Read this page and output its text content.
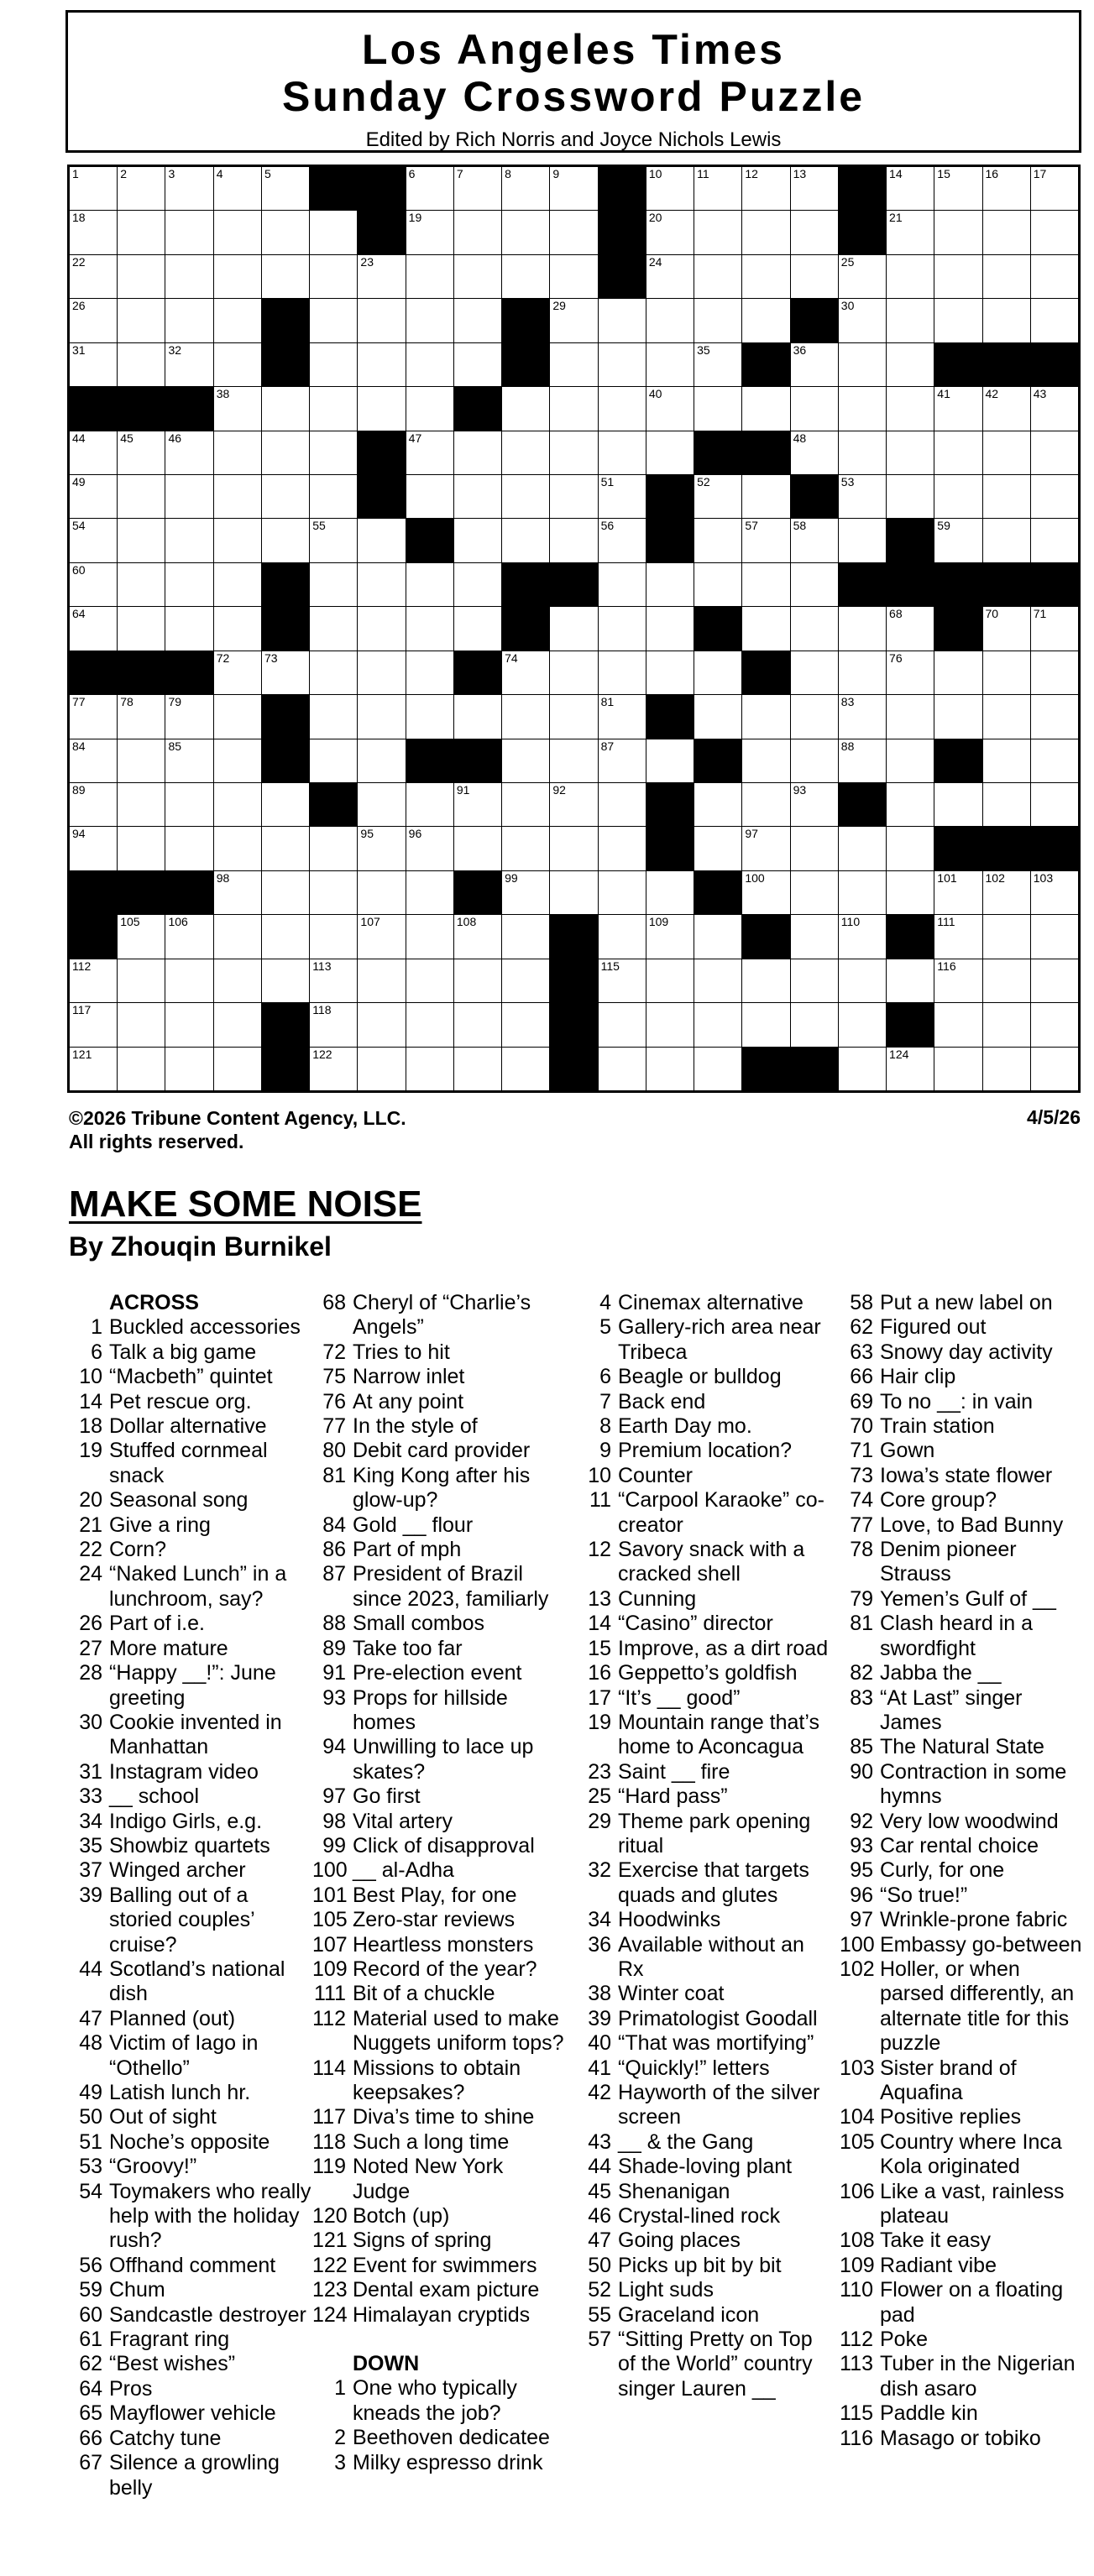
Los Angeles Times
Sunday Crossword Puzzle
Edited by Rich Norris and Joyce Nichols Lewis
1	2	3	4	5	6	7	8	9	10	11	12	13	14	15	16	17
18	19	20	21
22	23	24	25
26	29	30
31	32	35	36
38	40	41	42	43
44	45	46	47	48
49	51	52	53
54	55	56	57	58	59
60
64	68	70	71
72	73	74	76
77	78	79	81	83
84	85	87	88
89	91	92	93
94	95	96	97
98	99	100	101 102 103
105 106	107	108	109	110	111
112	113	115	116
117	118
121	122	124
©2026 Tribune Content Agency, LLC.
All rights reserved.
4/5/26
MAKE SOME NOISE
By Zhouqin Burnikel
ACROSS
1 Buckled accessories
6 Talk a big game
10 “Macbeth” quintet
14 Pet rescue org.
18 Dollar alternative
19 Stuffed cornmeal snack
20 Seasonal song
21 Give a ring
22 Corn?
24 “Naked Lunch” in a lunchroom, say?
26 Part of i.e.
27 More mature
28 “Happy __!”: June greeting
30 Cookie invented in Manhattan
31 Instagram video
33 __ school
34 Indigo Girls, e.g.
35 Showbiz quartets
37 Winged archer
39 Balling out of a storied couples’ cruise?
44 Scotland’s national dish
47 Planned (out)
48 Victim of Iago in “Othello”
49 Latish lunch hr.
50 Out of sight
51 Noche’s opposite
53 “Groovy!”
54 Toymakers who really help with the holiday rush?
56 Offhand comment
59 Chum
60 Sandcastle destroyer
61 Fragrant ring
62 “Best wishes”
64 Pros
65 Mayflower vehicle
66 Catchy tune
67 Silence a growling belly
68 Cheryl of “Charlie’s Angels”
72 Tries to hit
75 Narrow inlet
76 At any point
77 In the style of
80 Debit card provider
81 King Kong after his glow-up?
84 Gold __ flour
86 Part of mph
87 President of Brazil since 2023, familiarly
88 Small combos
89 Take too far
91 Pre-election event
93 Props for hillside homes
94 Unwilling to lace up skates?
97 Go first
98 Vital artery
99 Click of disapproval
100 __ al-Adha
101 Best Play, for one
105 Zero-star reviews
107 Heartless monsters
109 Record of the year?
111 Bit of a chuckle
112 Material used to make Nuggets uniform tops?
114 Missions to obtain keepsakes?
117 Diva’s time to shine
118 Such a long time
119 Noted New York Judge
120 Botch (up)
121 Signs of spring
122 Event for swimmers
123 Dental exam picture
124 Himalayan cryptids
DOWN
1 One who typically kneads the job?
2 Beethoven dedicatee
3 Milky espresso drink
4 Cinemax alternative
5 Gallery-rich area near Tribeca
6 Beagle or bulldog
7 Back end
8 Earth Day mo.
9 Premium location?
10 Counter
11 “Carpool Karaoke” co-creator
12 Savory snack with a cracked shell
13 Cunning
14 “Casino” director
15 Improve, as a dirt road
16 Geppetto’s goldfish
17 “It’s __ good”
19 Mountain range that’s home to Aconcagua
23 Saint __ fire
25 “Hard pass”
29 Theme park opening ritual
32 Exercise that targets quads and glutes
34 Hoodwinks
36 Available without an Rx
38 Winter coat
39 Primatologist Goodall
40 “That was mortifying”
41 “Quickly!” letters
42 Hayworth of the silver screen
43 __ & the Gang
44 Shade-loving plant
45 Shenanigan
46 Crystal-lined rock
47 Going places
50 Picks up bit by bit
52 Light suds
55 Graceland icon
57 “Sitting Pretty on Top of the World” country singer Lauren __
58 Put a new label on
62 Figured out
63 Snowy day activity
66 Hair clip
69 To no __: in vain
70 Train station
71 Gown
73 Iowa’s state flower
74 Core group?
77 Love, to Bad Bunny
78 Denim pioneer Strauss
79 Yemen’s Gulf of __
81 Clash heard in a swordfight
82 Jabba the __
83 “At Last” singer James
85 The Natural State
90 Contraction in some hymns
92 Very low woodwind
93 Car rental choice
95 Curly, for one
96 “So true!”
97 Wrinkle-prone fabric
100 Embassy go-between
102 Holler, or when parsed differently, an alternate title for this puzzle
103 Sister brand of Aquafina
104 Positive replies
105 Country where Inca Kola originated
106 Like a vast, rainless plateau
108 Take it easy
109 Radiant vibe
110 Flower on a floating pad
112 Poke
113 Tuber in the Nigerian dish asaro
115 Paddle kin
116 Masago or tobiko
